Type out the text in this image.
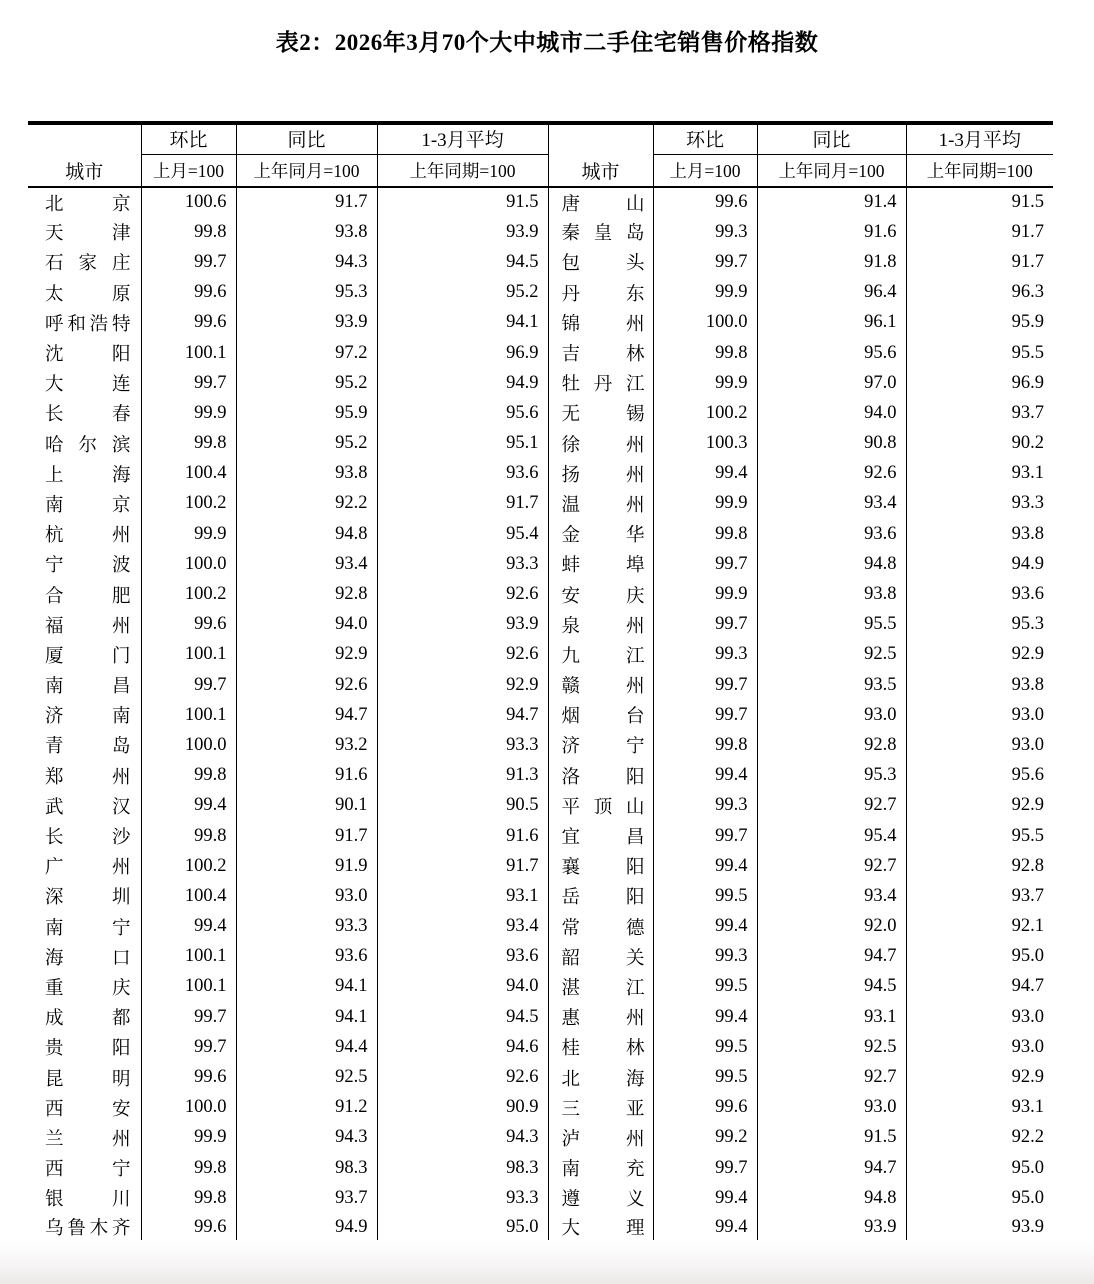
表2：2026年3月70个大中城市二手住宅销售价格指数
城市	环比	同比	1-3月平均	城市	环比	同比	1-3月平均
	上月=100	上年同月=100	上年同期=100		上月=100	上年同月=100	上年同期=100

北 京	100.6	91.7	91.5	唐 山	99.6	91.4	91.5

天 津	99.8	93.8	93.9	秦 皇 岛	99.3	91.6	91.7

石 家 庄	99.7	94.3	94.5	包 头	99.7	91.8	91.7

太 原	99.6	95.3	95.2	丹 东	99.9	96.4	96.3

呼 和 浩 特	99.6	93.9	94.1	锦 州	100.0	96.1	95.9

沈 阳	100.1	97.2	96.9	吉 林	99.8	95.6	95.5

大 连	99.7	95.2	94.9	牡 丹 江	99.9	97.0	96.9

长 春	99.9	95.9	95.6	无 锡	100.2	94.0	93.7

哈 尔 滨	99.8	95.2	95.1	徐 州	100.3	90.8	90.2

上 海	100.4	93.8	93.6	扬 州	99.4	92.6	93.1

南 京	100.2	92.2	91.7	温 州	99.9	93.4	93.3

杭 州	99.9	94.8	95.4	金 华	99.8	93.6	93.8

宁 波	100.0	93.4	93.3	蚌 埠	99.7	94.8	94.9

合 肥	100.2	92.8	92.6	安 庆	99.9	93.8	93.6

福 州	99.6	94.0	93.9	泉 州	99.7	95.5	95.3

厦 门	100.1	92.9	92.6	九 江	99.3	92.5	92.9

南 昌	99.7	92.6	92.9	赣 州	99.7	93.5	93.8

济 南	100.1	94.7	94.7	烟 台	99.7	93.0	93.0

青 岛	100.0	93.2	93.3	济 宁	99.8	92.8	93.0

郑 州	99.8	91.6	91.3	洛 阳	99.4	95.3	95.6

武 汉	99.4	90.1	90.5	平 顶 山	99.3	92.7	92.9

长 沙	99.8	91.7	91.6	宜 昌	99.7	95.4	95.5

广 州	100.2	91.9	91.7	襄 阳	99.4	92.7	92.8

深 圳	100.4	93.0	93.1	岳 阳	99.5	93.4	93.7

南 宁	99.4	93.3	93.4	常 德	99.4	92.0	92.1

海 口	100.1	93.6	93.6	韶 关	99.3	94.7	95.0

重 庆	100.1	94.1	94.0	湛 江	99.5	94.5	94.7

成 都	99.7	94.1	94.5	惠 州	99.4	93.1	93.0

贵 阳	99.7	94.4	94.6	桂 林	99.5	92.5	93.0

昆 明	99.6	92.5	92.6	北 海	99.5	92.7	92.9

西 安	100.0	91.2	90.9	三 亚	99.6	93.0	93.1

兰 州	99.9	94.3	94.3	泸 州	99.2	91.5	92.2

西 宁	99.8	98.3	98.3	南 充	99.7	94.7	95.0

银 川	99.8	93.7	93.3	遵 义	99.4	94.8	95.0

乌 鲁 木 齐	99.6	94.9	95.0	大 理	99.4	93.9	93.9
